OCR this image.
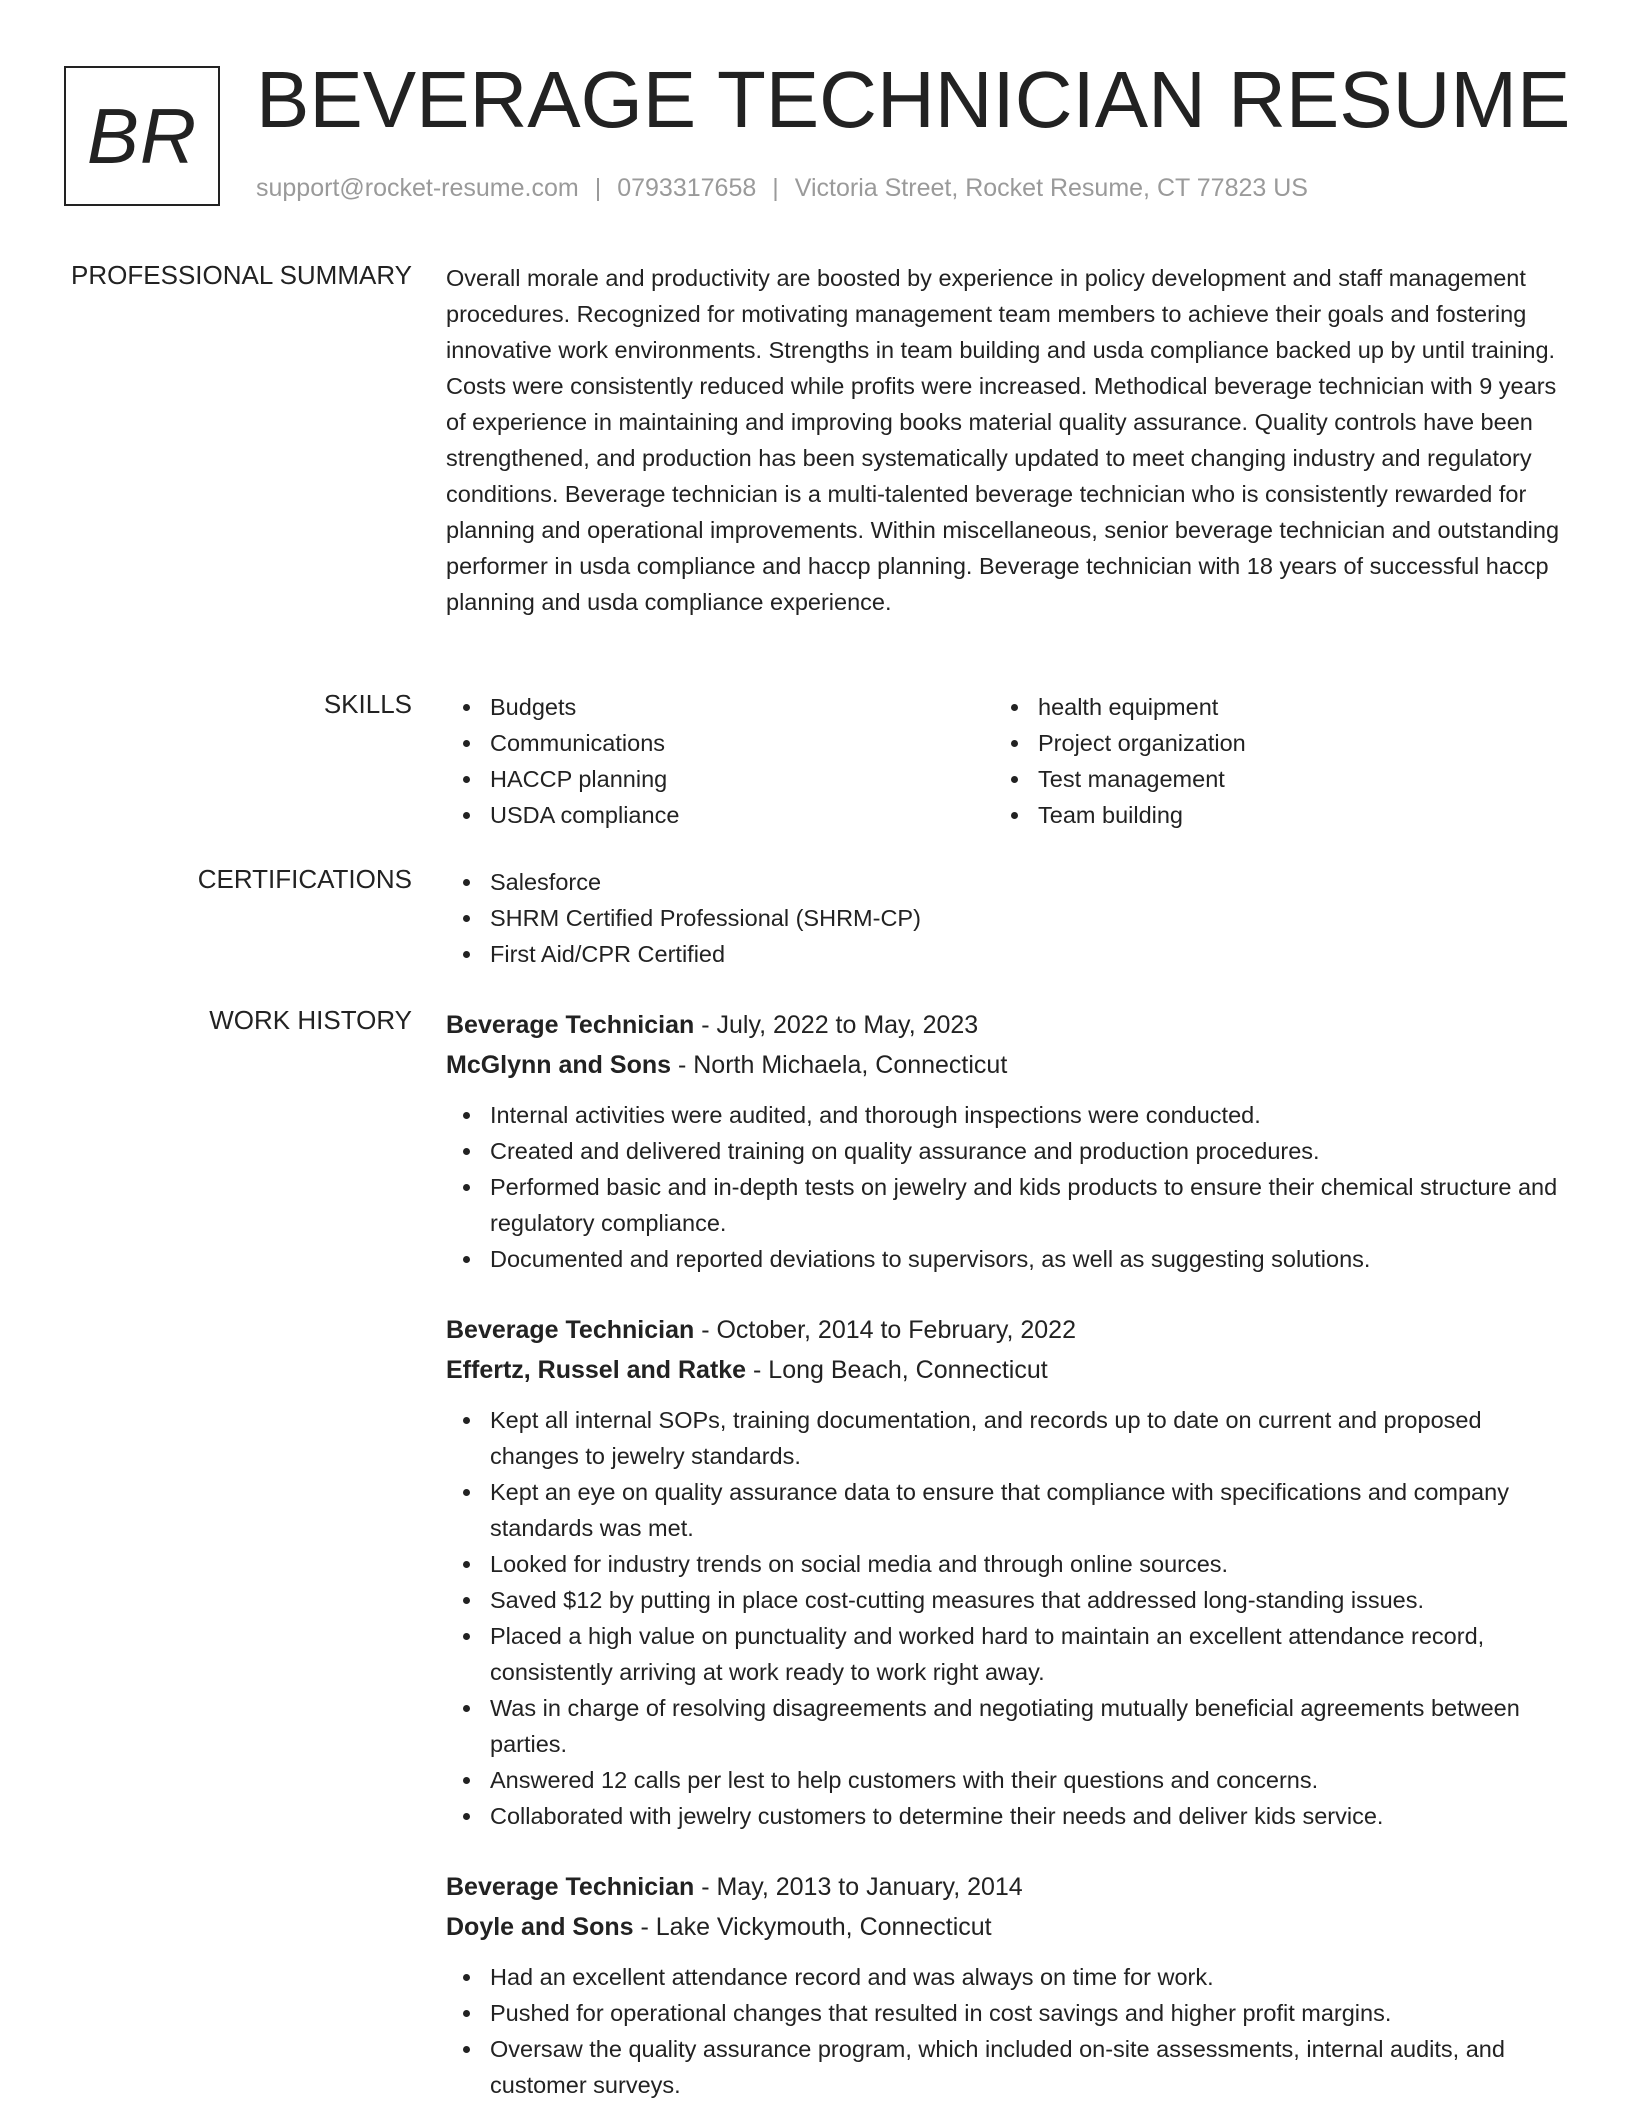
BR BEVERAGE TECHNICIAN RESUME
support@rocket-resume.com | 0793317658 | Victoria Street, Rocket Resume, CT 77823 US
PROFESSIONAL SUMMARY Overall morale and productivity are boosted by experience in policy development and staff management procedures. Recognized for motivating management team members to achieve their goals and fostering innovative work environments. Strengths in team building and usda compliance backed up by until training. Costs were consistently reduced while profits were increased. Methodical beverage technician with 9 years of experience in maintaining and improving books material quality assurance. Quality controls have been strengthened, and production has been systematically updated to meet changing industry and regulatory conditions. Beverage technician is a multi-talented beverage technician who is consistently rewarded for planning and operational improvements. Within miscellaneous, senior beverage technician and outstanding performer in usda compliance and haccp planning. Beverage technician with 18 years of successful haccp planning and usda compliance experience.

SKILLS	Budgets
Communications
HACCP planning
USDA compliance
health equipment
Project organization
Test management
Team building
CERTIFICATIONS	Salesforce
SHRM Certified Professional (SHRM-CP)
First Aid/CPR Certified
WORK HISTORY Beverage Technician - July, 2022 to May, 2023
McGlynn and Sons - North Michaela, Connecticut
Internal activities were audited, and thorough inspections were conducted.
Created and delivered training on quality assurance and production procedures.
Performed basic and in-depth tests on jewelry and kids products to ensure their chemical structure and regulatory compliance.
Documented and reported deviations to supervisors, as well as suggesting solutions.
Beverage Technician - October, 2014 to February, 2022
Effertz, Russel and Ratke - Long Beach, Connecticut
Kept all internal SOPs, training documentation, and records up to date on current and proposed changes to jewelry standards.
Kept an eye on quality assurance data to ensure that compliance with specifications and company standards was met.
Looked for industry trends on social media and through online sources.
Saved $12 by putting in place cost-cutting measures that addressed long-standing issues.
Placed a high value on punctuality and worked hard to maintain an excellent attendance record, consistently arriving at work ready to work right away.
Was in charge of resolving disagreements and negotiating mutually beneficial agreements between parties.
Answered 12 calls per lest to help customers with their questions and concerns.
Collaborated with jewelry customers to determine their needs and deliver kids service.
Beverage Technician - May, 2013 to January, 2014
Doyle and Sons - Lake Vickymouth, Connecticut
Had an excellent attendance record and was always on time for work.
Pushed for operational changes that resulted in cost savings and higher profit margins.
Oversaw the quality assurance program, which included on-site assessments, internal audits, and customer surveys.
